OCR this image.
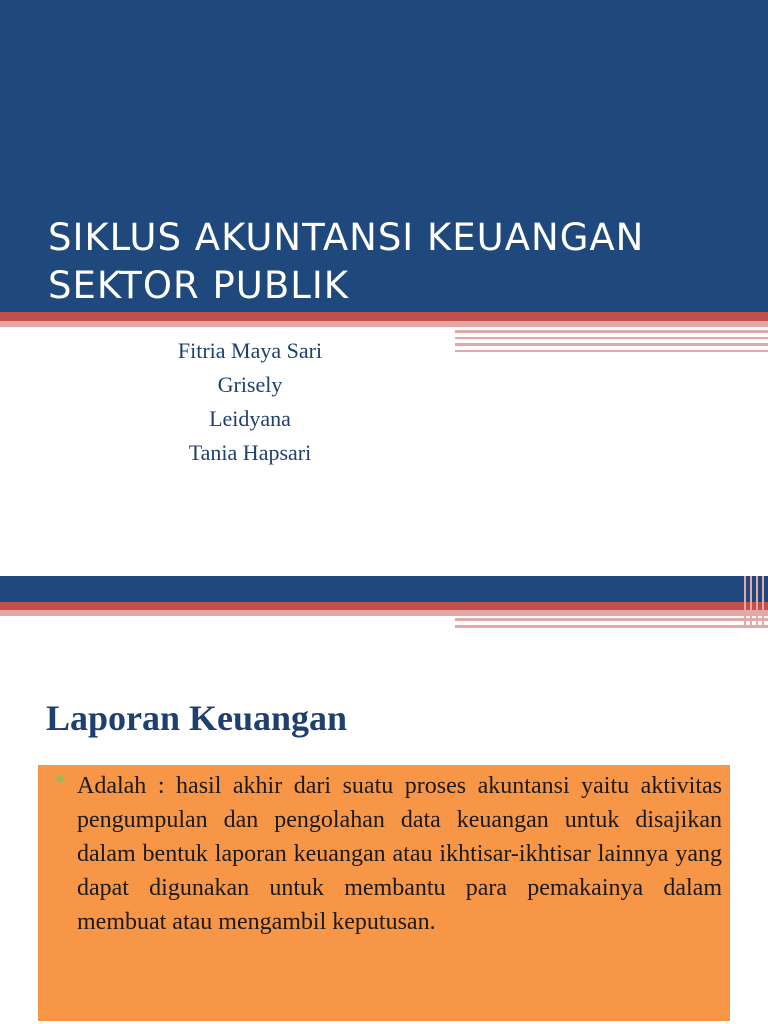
SIKLUS AKUNTANSI KEUANGAN SEKTOR PUBLIK
Fitria Maya Sari
Grisely
Leidyana
Tania Hapsari
Laporan Keuangan
■ Adalah : hasil akhir dari suatu proses akuntansi yaitu aktivitas pengumpulan dan pengolahan data keuangan untuk disajikan dalam bentuk laporan keuangan atau ikhtisar-ikhtisar lainnya yang dapat digunakan untuk membantu para pemakainya dalam membuat atau mengambil keputusan.
